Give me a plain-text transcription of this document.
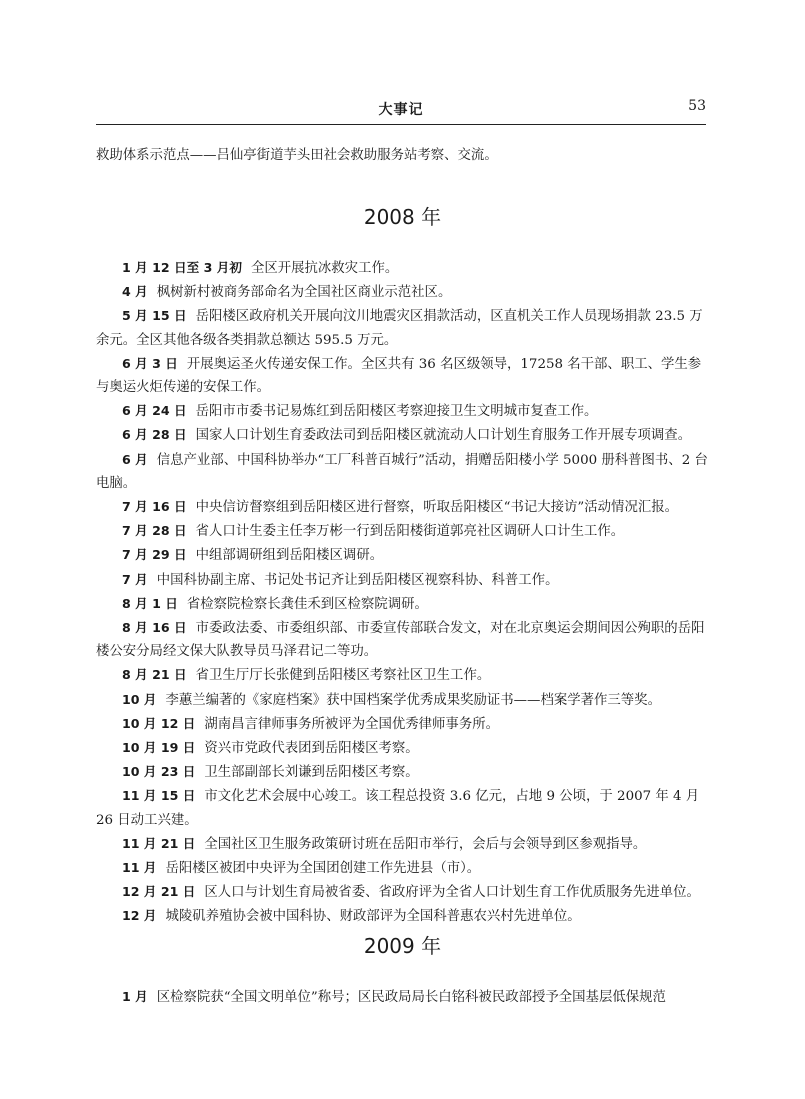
大事记	53
救助体系示范点——吕仙亭街道芋头田社会救助服务站考察、交流。
2008 年

1 月 12 日至 3 月初 全区开展抗冰救灾工作。

4 月 枫树新村被商务部命名为全国社区商业示范社区。

5 月 15 日 岳阳楼区政府机关开展向汶川地震灾区捐款活动，区直机关工作人员现场捐款 23.5 万余元。全区其他各级各类捐款总额达 595.5 万元。

6 月 3 日 开展奥运圣火传递安保工作。全区共有 36 名区级领导，17258 名干部、职工、学生参与奥运火炬传递的安保工作。

6 月 24 日 岳阳市市委书记易炼红到岳阳楼区考察迎接卫生文明城市复查工作。

6 月 28 日 国家人口计划生育委政法司到岳阳楼区就流动人口计划生育服务工作开展专项调查。

6 月 信息产业部、中国科协举办“工厂科普百城行”活动，捐赠岳阳楼小学 5000 册科普图书、2 台电脑。

7 月 16 日 中央信访督察组到岳阳楼区进行督察，听取岳阳楼区“书记大接访”活动情况汇报。

7 月 28 日 省人口计生委主任李万彬一行到岳阳楼街道郭亮社区调研人口计生工作。

7 月 29 日 中组部调研组到岳阳楼区调研。

7 月 中国科协副主席、书记处书记齐让到岳阳楼区视察科协、科普工作。

8 月 1 日 省检察院检察长龚佳禾到区检察院调研。

8 月 16 日 市委政法委、市委组织部、市委宣传部联合发文，对在北京奥运会期间因公殉职的岳阳楼公安分局经文保大队教导员马泽君记二等功。

8 月 21 日 省卫生厅厅长张健到岳阳楼区考察社区卫生工作。

10 月 李蕙兰编著的《家庭档案》获中国档案学优秀成果奖励证书——档案学著作三等奖。

10 月 12 日 湖南昌言律师事务所被评为全国优秀律师事务所。

10 月 19 日 资兴市党政代表团到岳阳楼区考察。

10 月 23 日 卫生部副部长刘谦到岳阳楼区考察。

11 月 15 日 市文化艺术会展中心竣工。该工程总投资 3.6 亿元，占地 9 公顷，于 2007 年 4 月 26 日动工兴建。

11 月 21 日 全国社区卫生服务政策研讨班在岳阳市举行，会后与会领导到区参观指导。

11 月 岳阳楼区被团中央评为全国团创建工作先进县（市）。

12 月 21 日 区人口与计划生育局被省委、省政府评为全省人口计划生育工作优质服务先进单位。

12 月 城陵矶养殖协会被中国科协、财政部评为全国科普惠农兴村先进单位。

2009 年

1 月 区检察院获“全国文明单位”称号；区民政局局长白铭科被民政部授予全国基层低保规范
